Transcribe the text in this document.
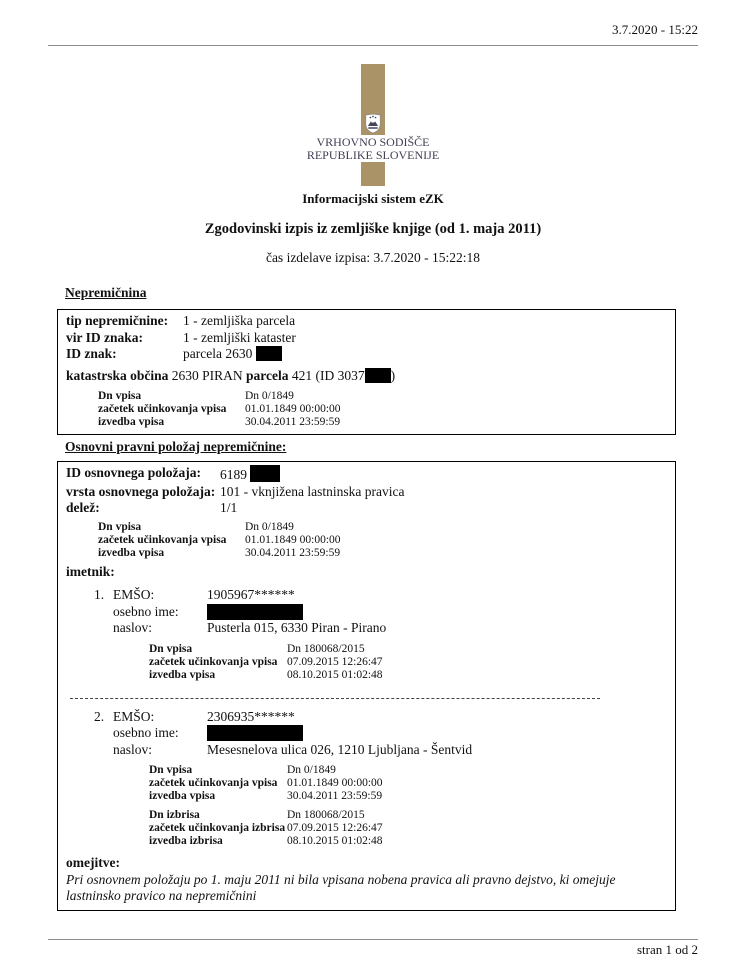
3.7.2020 - 15:22
VRHOVNO SODIŠČE
REPUBLIKE SLOVENIJE
Informacijski sistem eZK
Zgodovinski izpis iz zemljiške knjige (od 1. maja 2011)
čas izdelave izpisa: 3.7.2020 - 15:22:18
Nepremičnina
tip nepremičnine:	1 - zemljiška parcela
vir ID znaka:	1 - zemljiški kataster
ID znak:	parcela 2630
katastrska občina 2630 PIRAN parcela 421 (ID 3037 )
Dn vpisa	Dn 0/1849
začetek učinkovanja vpisa	01.01.1849 00:00:00
izvedba vpisa	30.04.2011 23:59:59
Osnovni pravni položaj nepremičnine:
ID osnovnega položaja:	6189
vrsta osnovnega položaja: 101 - vknjižena lastninska pravica
delež:	1/1
Dn vpisa	Dn 0/1849
začetek učinkovanja vpisa	01.01.1849 00:00:00
izvedba vpisa	30.04.2011 23:59:59
imetnik:
1. EMŠO:	1905967******
osebno ime:
naslov:	Pusterla 015, 6330 Piran - Pirano
Dn vpisa	Dn 180068/2015
začetek učinkovanja vpisa 07.09.2015 12:26:47
izvedba vpisa	08.10.2015 01:02:48
2. EMŠO:	2306935******
osebno ime:
naslov:	Mesesnelova ulica 026, 1210 Ljubljana - Šentvid
Dn vpisa	Dn 0/1849
začetek učinkovanja vpisa 01.01.1849 00:00:00
izvedba vpisa	30.04.2011 23:59:59
Dn izbrisa	Dn 180068/2015
začetek učinkovanja izbrisa 07.09.2015 12:26:47
izvedba izbrisa	08.10.2015 01:02:48
omejitve:
Pri osnovnem položaju po 1. maju 2011 ni bila vpisana nobena pravica ali pravno dejstvo, ki omejuje lastninsko pravico na nepremičnini
stran 1 od 2
